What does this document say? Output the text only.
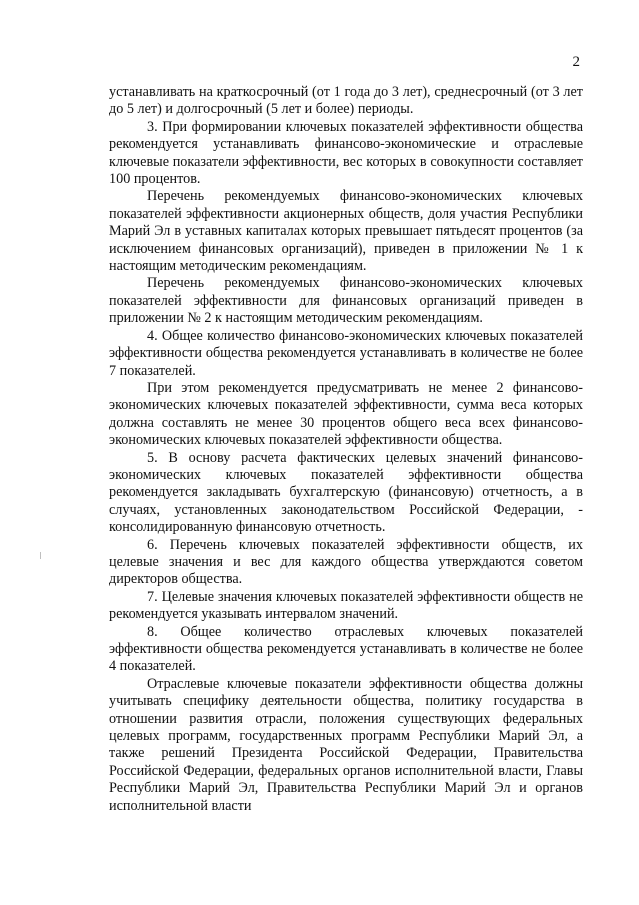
2

устанавливать на краткосрочный (от 1 года до 3 лет), среднесрочный (от 3 лет до 5 лет) и долгосрочный (5 лет и более) периоды.

3. При формировании ключевых показателей эффективности общества рекомендуется устанавливать финансово-экономические и отраслевые ключевые показатели эффективности, вес которых в совокупности составляет 100 процентов.

Перечень рекомендуемых финансово-экономических ключевых показателей эффективности акционерных обществ, доля участия Республики Марий Эл в уставных капиталах которых превышает пятьдесят процентов (за исключением финансовых организаций), приведен в приложении № 1 к настоящим методическим рекомендациям.

Перечень рекомендуемых финансово-экономических ключевых показателей эффективности для финансовых организаций приведен в приложении № 2 к настоящим методическим рекомендациям.

4. Общее количество финансово-экономических ключевых показателей эффективности общества рекомендуется устанавливать в количестве не более 7 показателей.

При этом рекомендуется предусматривать не менее 2 финансово-экономических ключевых показателей эффективности, сумма веса которых должна составлять не менее 30 процентов общего веса всех финансово-экономических ключевых показателей эффективности общества.

5. В основу расчета фактических целевых значений финансово-экономических ключевых показателей эффективности общества рекомендуется закладывать бухгалтерскую (финансовую) отчетность, а в случаях, установленных законодательством Российской Федерации, - консолидированную финансовую отчетность.

6. Перечень ключевых показателей эффективности обществ, их целевые значения и вес для каждого общества утверждаются советом директоров общества.

7. Целевые значения ключевых показателей эффективности обществ не рекомендуется указывать интервалом значений.

8. Общее количество отраслевых ключевых показателей эффективности общества рекомендуется устанавливать в количестве не более 4 показателей.

Отраслевые ключевые показатели эффективности общества должны учитывать специфику деятельности общества, политику государства в отношении развития отрасли, положения существующих федеральных целевых программ, государственных программ Республики Марий Эл, а также решений Президента Российской Федерации, Правительства Российской Федерации, федеральных органов исполнительной власти, Главы Республики Марий Эл, Правительства Республики Марий Эл и органов исполнительной власти
